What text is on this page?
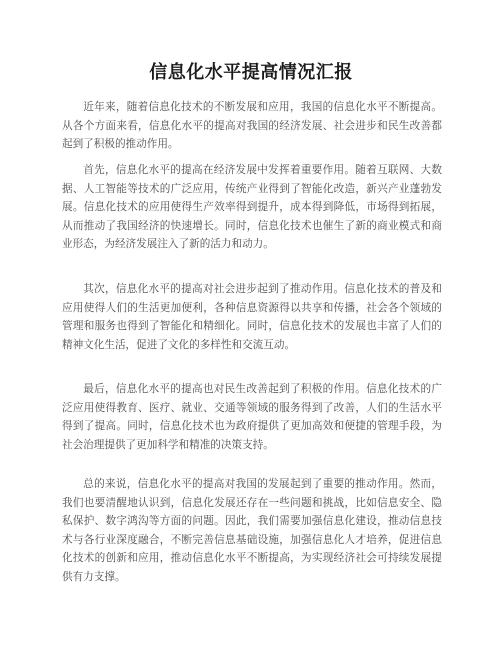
信息化水平提高情况汇报

近年来，随着信息化技术的不断发展和应用，我国的信息化水平不断提高。从各个方面来看，信息化水平的提高对我国的经济发展、社会进步和民生改善都起到了积极的推动作用。

首先，信息化水平的提高在经济发展中发挥着重要作用。随着互联网、大数据、人工智能等技术的广泛应用，传统产业得到了智能化改造，新兴产业蓬勃发展。信息化技术的应用使得生产效率得到提升，成本得到降低，市场得到拓展，从而推动了我国经济的快速增长。同时，信息化技术也催生了新的商业模式和商业形态，为经济发展注入了新的活力和动力。

其次，信息化水平的提高对社会进步起到了推动作用。信息化技术的普及和应用使得人们的生活更加便利，各种信息资源得以共享和传播，社会各个领域的管理和服务也得到了智能化和精细化。同时，信息化技术的发展也丰富了人们的精神文化生活，促进了文化的多样性和交流互动。

最后，信息化水平的提高也对民生改善起到了积极的作用。信息化技术的广泛应用使得教育、医疗、就业、交通等领域的服务得到了改善，人们的生活水平得到了提高。同时，信息化技术也为政府提供了更加高效和便捷的管理手段，为社会治理提供了更加科学和精准的决策支持。

总的来说，信息化水平的提高对我国的发展起到了重要的推动作用。然而，我们也要清醒地认识到，信息化发展还存在一些问题和挑战，比如信息安全、隐私保护、数字鸿沟等方面的问题。因此，我们需要加强信息化建设，推动信息技术与各行业深度融合，不断完善信息基础设施，加强信息化人才培养，促进信息化技术的创新和应用，推动信息化水平不断提高，为实现经济社会可持续发展提供有力支撑。
